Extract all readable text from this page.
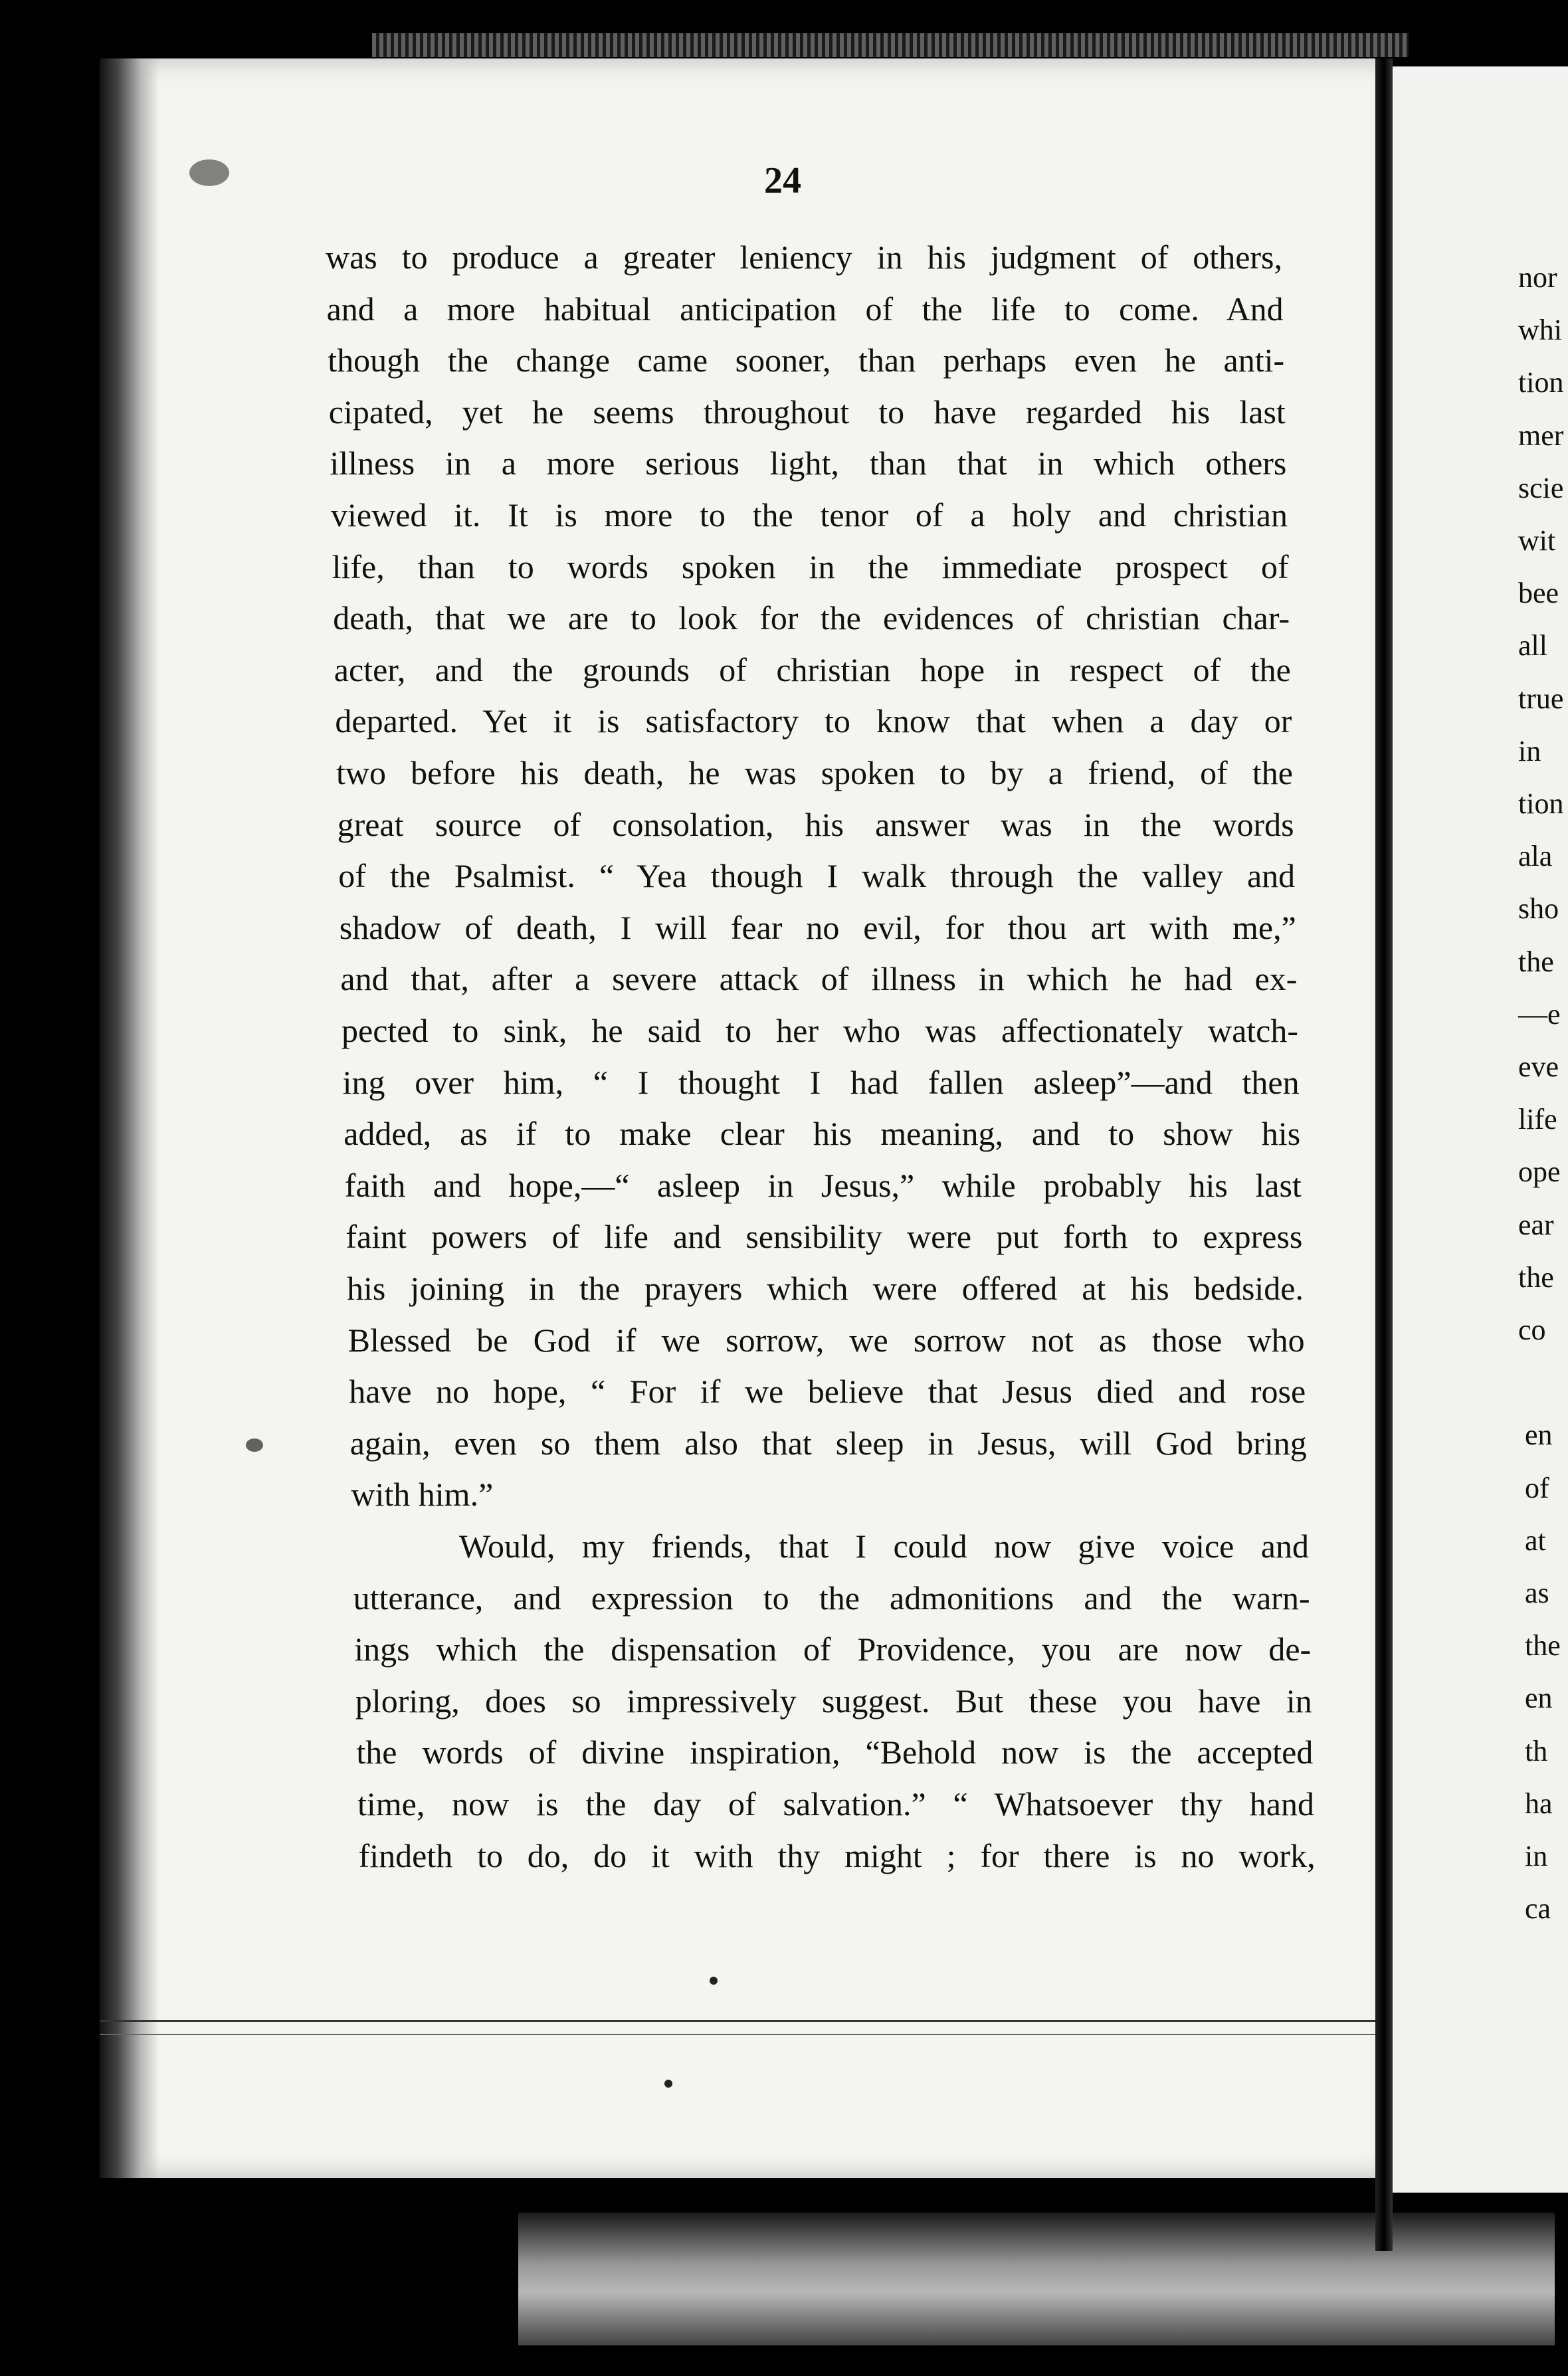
24
was to produce a greater leniency in his judgment of others,
and a more habitual anticipation of the life to come. And
though the change came sooner, than perhaps even he anti-
cipated, yet he seems throughout to have regarded his last
illness in a more serious light, than that in which others
viewed it. It is more to the tenor of a holy and christian
life, than to words spoken in the immediate prospect of
death, that we are to look for the evidences of christian char-
acter, and the grounds of christian hope in respect of the
departed. Yet it is satisfactory to know that when a day or
two before his death, he was spoken to by a friend, of the
great source of consolation, his answer was in the words
of the Psalmist. “ Yea though I walk through the valley and
shadow of death, I will fear no evil, for thou art with me,”
and that, after a severe attack of illness in which he had ex-
pected to sink, he said to her who was affectionately watch-
ing over him, “ I thought I had fallen asleep”—and then
added, as if to make clear his meaning, and to show his
faith and hope,—“ asleep in Jesus,” while probably his last
faint powers of life and sensibility were put forth to express
his joining in the prayers which were offered at his bedside.
Blessed be God if we sorrow, we sorrow not as those who
have no hope, “ For if we believe that Jesus died and rose
again, even so them also that sleep in Jesus, will God bring
with him.”
Would, my friends, that I could now give voice and
utterance, and expression to the admonitions and the warn-
ings which the dispensation of Providence, you are now de-
ploring, does so impressively suggest. But these you have in
the words of divine inspiration, “Behold now is the accepted
time, now is the day of salvation.” “ Whatsoever thy hand
findeth to do, do it with thy might ; for there is no work,
nor
whi
tion
mer
scie
wit
bee
all
true
in
tion
ala
sho
the
—e
eve
life
ope
ear
the
co
en
of
at
as
the
en
th
ha
in
ca
